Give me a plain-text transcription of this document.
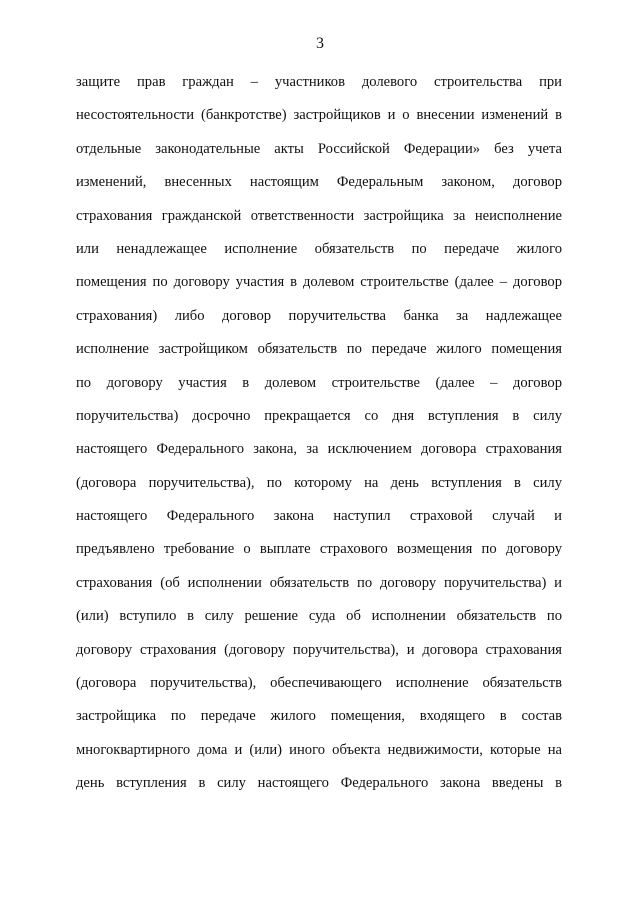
3
защите прав граждан – участников долевого строительства при
несостоятельности (банкротстве) застройщиков и о внесении изменений в
отдельные законодательные акты Российской Федерации» без учета
изменений, внесенных настоящим Федеральным законом, договор
страхования гражданской ответственности застройщика за неисполнение
или ненадлежащее исполнение обязательств по передаче жилого
помещения по договору участия в долевом строительстве (далее – договор
страхования) либо договор поручительства банка за надлежащее
исполнение застройщиком обязательств по передаче жилого помещения
по договору участия в долевом строительстве (далее – договор
поручительства) досрочно прекращается со дня вступления в силу
настоящего Федерального закона, за исключением договора страхования
(договора поручительства), по которому на день вступления в силу
настоящего Федерального закона наступил страховой случай и
предъявлено требование о выплате страхового возмещения по договору
страхования (об исполнении обязательств по договору поручительства) и
(или) вступило в силу решение суда об исполнении обязательств по
договору страхования (договору поручительства), и договора страхования
(договора поручительства), обеспечивающего исполнение обязательств
застройщика по передаче жилого помещения, входящего в состав
многоквартирного дома и (или) иного объекта недвижимости, которые на
день вступления в силу настоящего Федерального закона введены в
